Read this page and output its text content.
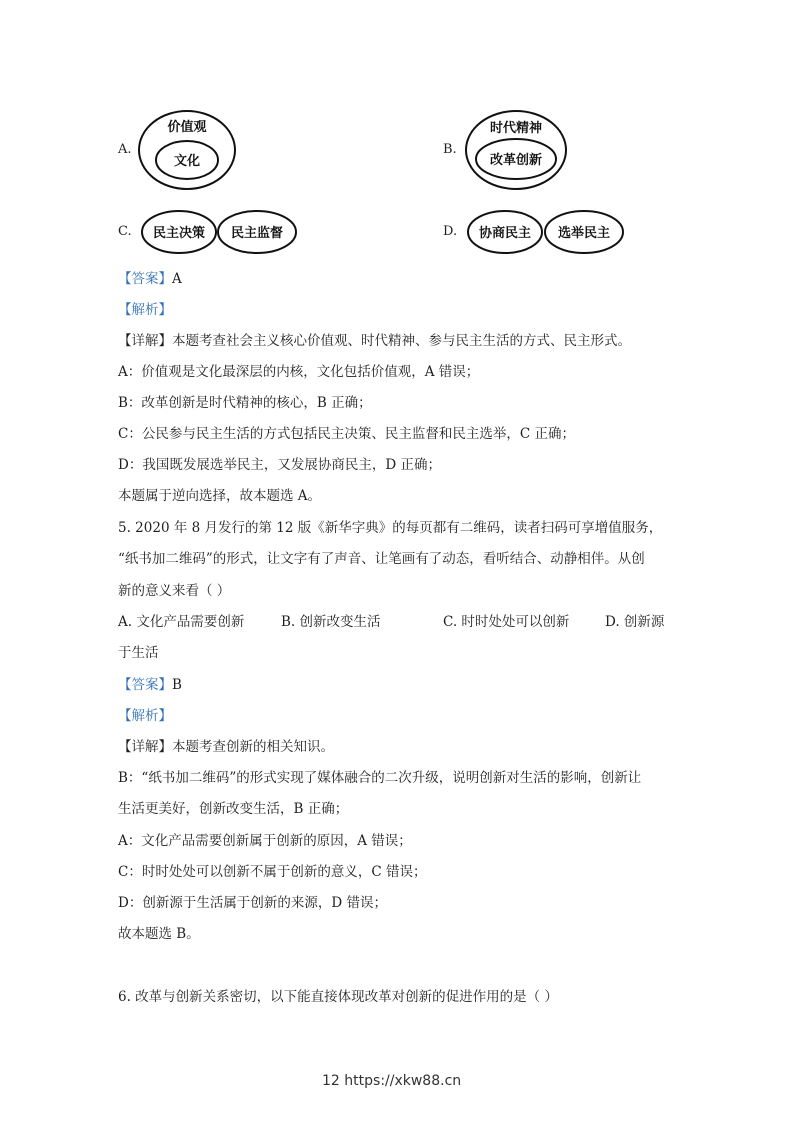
A.
价值观
文化
B.
时代精神
改革创新
C. 民主决策 民主监督	D. 协商民主 选举民主
【答案】A
【解析】
【详解】本题考查社会主义核心价值观、时代精神、参与民主生活的方式、民主形式。
A：价值观是文化最深层的内核，文化包括价值观，A 错误；
B：改革创新是时代精神的核心，B 正确；
C：公民参与民主生活的方式包括民主决策、民主监督和民主选举，C 正确；
D：我国既发展选举民主，又发展协商民主，D 正确；
本题属于逆向选择，故本题选 A。
5. 2020 年 8 月发行的第 12 版《新华字典》的每页都有二维码，读者扫码可享增值服务，
“纸书加二维码”的形式，让文字有了声音、让笔画有了动态，看听结合、动静相伴。从创
新的意义来看（ ）
A. 文化产品需要创新	B. 创新改变生活	C. 时时处处可以创新	D. 创新源
于生活
【答案】B
【解析】
【详解】本题考查创新的相关知识。
B：“纸书加二维码”的形式实现了媒体融合的二次升级，说明创新对生活的影响，创新让
生活更美好，创新改变生活，B 正确；
A：文化产品需要创新属于创新的原因，A 错误；
C：时时处处可以创新不属于创新的意义，C 错误；
D：创新源于生活属于创新的来源，D 错误；
故本题选 B。
6. 改革与创新关系密切，以下能直接体现改革对创新的促进作用的是（ ）
12 https://xkw88.cn
